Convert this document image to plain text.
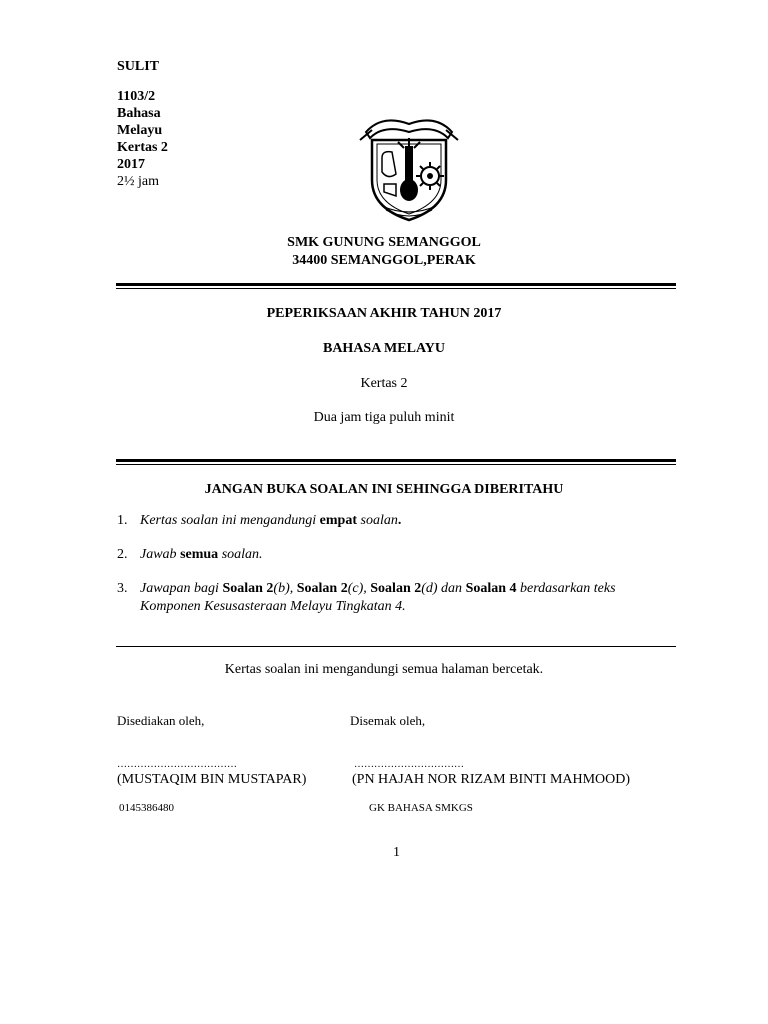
SULIT
1103/2
Bahasa
Melayu
Kertas 2
2017
2½ jam
SMK GUNUNG SEMANGGOL
34400 SEMANGGOL,PERAK
PEPERIKSAAN AKHIR TAHUN 2017
BAHASA MELAYU
Kertas 2
Dua jam tiga puluh minit
JANGAN BUKA SOALAN INI SEHINGGA DIBERITAHU
1. Kertas soalan ini mengandungi empat soalan.
2. Jawab semua soalan.
3. Jawapan bagi Soalan 2(b), Soalan 2(c), Soalan 2(d) dan Soalan 4 berdasarkan teks
Komponen Kesusasteraan Melayu Tingkatan 4.
Kertas soalan ini mengandungi semua halaman bercetak.
Disediakan oleh,	Disemak oleh,
………………………………	……………………………
(MUSTAQIM BIN MUSTAPAR)	(PN HAJAH NOR RIZAM BINTI MAHMOOD)
0145386480	GK BAHASA SMKGS
1
